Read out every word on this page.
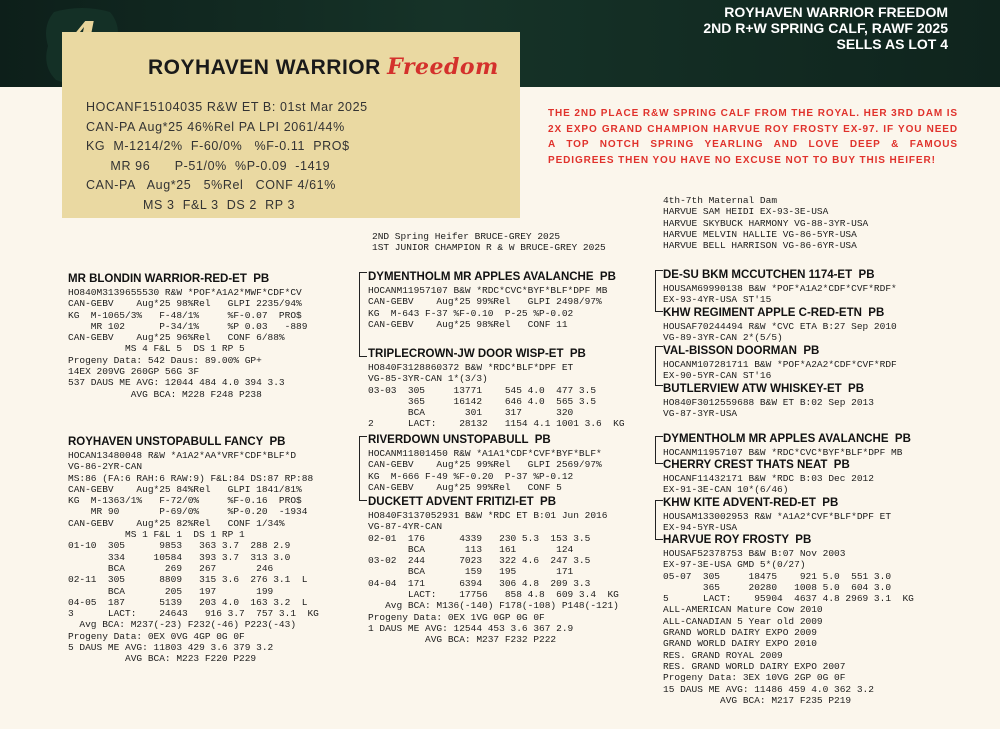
ROYHAVEN WARRIOR FREEDOM
2ND R+W SPRING CALF, RAWF 2025
SELLS AS LOT 4
ROYHAVEN WARRIOR Freedom
HOCANF15104035 R&W ET B: 01st Mar 2025
CAN-PA Aug*25 46%Rel PA LPI 2061/44%
KG  M-1214/2%  F-60/0%   %F-0.11  PRO$
MR 96      P-51/0%  %P-0.09  -1419
CAN-PA   Aug*25   5%Rel   CONF 4/61%
MS 3  F&L 3  DS 2  RP 3
THE 2ND PLACE R&W SPRING CALF FROM THE ROYAL. HER 3RD DAM IS 2X EXPO GRAND CHAMPION HARVUE ROY FROSTY EX-97. IF YOU NEED A TOP NOTCH SPRING YEARLING AND LOVE DEEP & FAMOUS PEDIGREES THEN YOU HAVE NO EXCUSE NOT TO BUY THIS HEIFER!
4th-7th Maternal Dam
HARVUE SAM HEIDI EX-93-3E-USA
HARVUE SKYBUCK HARMONY VG-88-3YR-USA
HARVUE MELVIN HALLIE VG-86-5YR-USA
HARVUE BELL HARRISON VG-86-6YR-USA
2ND Spring Heifer BRUCE-GREY 2025
1ST JUNIOR CHAMPION R & W BRUCE-GREY 2025
MR BLONDIN WARRIOR-RED-ET  PB
HO840M3139655530 R&W *POF*A1A2*MWF*CDF*CV
CAN-GEBV    Aug*25 98%Rel   GLPI 2235/94%
KG  M-1065/3%   F-48/1%     %F-0.07  PRO$
MR 102      P-34/1%     %P 0.03   -889
CAN-GEBV    Aug*25 96%Rel   CONF 6/88%
MS 4 F&L 5  DS 1 RP 5
Progeny Data: 542 Daus: 89.00% GP+
14EX 209VG 260GP 56G 3F
537 DAUS ME AVG: 12044 484 4.0 394 3.3
AVG BCA: M228 F248 P238
ROYHAVEN UNSTOPABULL FANCY  PB
HOCAN13480048 R&W *A1A2*AA*VRF*CDF*BLF*D
VG-86-2YR-CAN
MS:86 (FA:6 RAH:6 RAW:9) F&L:84 DS:87 RP:88
CAN-GEBV    Aug*25 84%Rel   GLPI 1841/81%
KG  M-1363/1%   F-72/0%     %F-0.16  PRO$
MR 90       P-69/0%     %P-0.20  -1934
CAN-GEBV    Aug*25 82%Rel   CONF 1/34%
MS 1 F&L 1  DS 1 RP 1
01-10  305      9853   363 3.7  288 2.9
334     10584   393 3.7  313 3.0
BCA       269   267       246
02-11  305      8809   315 3.6  276 3.1  L
BCA       205   197       199
04-05  187      5139   203 4.0  163 3.2  L
3      LACT:    24643   916 3.7  757 3.1  KG
Avg BCA: M237(-23) F232(-46) P223(-43)
Progeny Data: 0EX 0VG 4GP 0G 0F
5 DAUS ME AVG: 11803 429 3.6 379 3.2
AVG BCA: M223 F220 P229
DYMENTHOLM MR APPLES AVALANCHE  PB
HOCANM11957107 B&W *RDC*CVC*BYF*BLF*DPF MB
CAN-GEBV    Aug*25 99%Rel   GLPI 2498/97%
KG  M-643 F-37 %F-0.10  P-25 %P-0.02
CAN-GEBV    Aug*25 98%Rel   CONF 11
TRIPLECROWN-JW DOOR WISP-ET  PB
HO840F3128860372 B&W *RDC*BLF*DPF ET
VG-85-3YR-CAN 1*(3/3)
03-03  305     13771    545 4.0  477 3.5
365     16142    646 4.0  565 3.5
BCA       301    317      320
2      LACT:    28132   1154 4.1 1001 3.6  KG
RIVERDOWN UNSTOPABULL  PB
HOCANM11801450 R&W *A1A1*CDF*CVF*BYF*BLF*
CAN-GEBV    Aug*25 99%Rel   GLPI 2569/97%
KG  M-666 F-49 %F-0.20  P-37 %P-0.12
CAN-GEBV    Aug*25 99%Rel   CONF 5
DUCKETT ADVENT FRITIZI-ET  PB
HO840F3137052931 B&W *RDC ET B:01 Jun 2016
VG-87-4YR-CAN
02-01  176      4339   230 5.3  153 3.5
BCA       113   161       124
03-02  244      7023   322 4.6  247 3.5
BCA       159   195       171
04-04  171      6394   306 4.8  209 3.3
LACT:    17756   858 4.8  609 3.4  KG
Avg BCA: M136(-140) F178(-108) P148(-121)
Progeny Data: 0EX 1VG 0GP 0G 0F
1 DAUS ME AVG: 12544 453 3.6 367 2.9
AVG BCA: M237 F232 P222
DE-SU BKM MCCUTCHEN 1174-ET  PB
HOUSAM69990138 B&W *POF*A1A2*CDF*CVF*RDF*
EX-93-4YR-USA ST'15
KHW REGIMENT APPLE C-RED-ETN  PB
HOUSAF70244494 R&W *CVC ETA B:27 Sep 2010
VG-89-3YR-CAN 2*(5/5)
VAL-BISSON DOORMAN  PB
HOCANM107281711 B&W *POF*A2A2*CDF*CVF*RDF
EX-90-5YR-CAN ST'16
BUTLERVIEW ATW WHISKEY-ET  PB
HO840F3012559688 B&W ET B:02 Sep 2013
VG-87-3YR-USA
DYMENTHOLM MR APPLES AVALANCHE  PB
HOCANM11957107 B&W *RDC*CVC*BYF*BLF*DPF MB
CHERRY CREST THATS NEAT  PB
HOCANF11432171 B&W *RDC B:03 Dec 2012
EX-91-3E-CAN 10*(6/46)
KHW KITE ADVENT-RED-ET  PB
HOUSAM133002953 R&W *A1A2*CVF*BLF*DPF ET
EX-94-5YR-USA
HARVUE ROY FROSTY  PB
HOUSAF52378753 B&W B:07 Nov 2003
EX-97-3E-USA GMD 5*(0/27)
05-07  305     18475    921 5.0  551 3.0
365     20280   1008 5.0  604 3.0
5      LACT:    95904  4637 4.8 2969 3.1  KG
ALL-AMERICAN Mature Cow 2010
ALL-CANADIAN 5 Year old 2009
GRAND WORLD DAIRY EXPO 2009
GRAND WORLD DAIRY EXPO 2010
RES. GRAND ROYAL 2009
RES. GRAND WORLD DAIRY EXPO 2007
Progeny Data: 3EX 10VG 2GP 0G 0F
15 DAUS ME AVG: 11486 459 4.0 362 3.2
AVG BCA: M217 F235 P219
